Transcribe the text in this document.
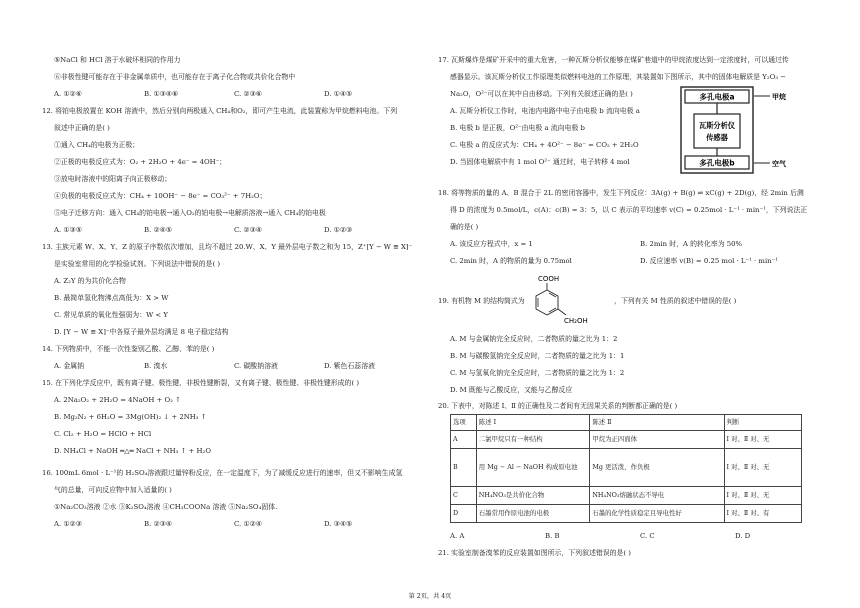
⑤NaCl 和 HCl 溶于水破坏相同的作用力
⑥非极性键可能存在于非金属单质中，也可能存在于离子化合物或共价化合物中
A. ①②⑥	B. ①③④⑥	C. ②③⑥	D. ①④⑤
12. 将铂电极放置在 KOH 溶液中，然后分别向两极通入 CH₄和O₂，即可产生电流，此装置称为甲烷燃料电池。下列
叙述中正确的是( )
①通入 CH₄的电极为正极；
②正极的电极反应式为：O₂ + 2H₂O + 4e⁻ = 4OH⁻；
③放电时溶液中的阳离子向正极移动；
④负极的电极反应式为：CH₄ + 10OH⁻ − 8e⁻ = CO₃²⁻ + 7H₂O；
⑤电子迁移方向：通入 CH₄的铂电极→通入O₂的铂电极→电解质溶液→通入 CH₄的铂电极
A. ①③⑤	B. ②④⑤	C. ②③④	D. ①②③
13. 主族元素 W、X、Y、Z 的原子序数依次增加，且均不超过 20.W、X、Y 最外层电子数之和为 15，Z⁺[Y − W ≡ X]⁻
是实验室常用的化学检验试剂。下列说法中错误的是( )
A. Z₂Y 的为共价化合物
B. 最简单氢化物沸点高低为：X > W
C. 常见单质的氧化性强弱为：W < Y
D. [Y − W ≡ X]⁻中各原子最外层均满足 8 电子稳定结构
14. 下列物质中，不能一次性鉴别乙酸、乙醇、苯的是( )
A. 金属钠	B. 溴水	C. 碳酸钠溶液	D. 紫色石蕊溶液
15. 在下列化学反应中，既有离子键、极性键、非极性键断裂，又有离子键、极性键、非极性键形成的( )
A. 2Na₂O₂ + 2H₂O = 4NaOH + O₂ ↑
B. Mg₃N₂ + 6H₂O = 3Mg(OH)₂ ↓ + 2NH₃ ↑
C. Cl₂ + H₂O = HClO + HCl
D. NH₄Cl + NaOH ═△═ NaCl + NH₃ ↑ + H₂O
16. 100mL 6mol · L⁻¹的 H₂SO₄溶液跟过量锌粉反应，在一定温度下，为了减缓反应进行的速率，但又不影响生成氢
气的总量，可向反应物中加入适量的( )
①Na₂CO₃溶液 ②水 ③K₂SO₄溶液 ④CH₃COONa 溶液 ⑤Na₂SO₄固体.
A. ①②③	B. ②③④	C. ①②④	D. ③④⑤
17. 瓦斯爆炸是煤矿开采中的重大危害，一种瓦斯分析仪能够在煤矿巷道中的甲烷浓度达到一定浓度时，可以通过传
感器显示。该瓦斯分析仪工作原理类似燃料电池的工作原理，其装置如下图所示，其中的固体电解质是 Y₂O₃ −
Na₂O，O²⁻可以在其中自由移动。下列有关叙述正确的是( )
A. 瓦斯分析仪工作时，电池内电路中电子由电极 b 流向电极 a
B. 电极 b 是正极，O²⁻由电极 a 流向电极 b
C. 电极 a 的反应式为：CH₄ + 4O²⁻ − 8e⁻ = CO₂ + 2H₂O
D. 当固体电解质中有 1 mol O²⁻ 通过时，电子转移 4 mol
多孔电极a
瓦斯分析仪
传感器
多孔电极b
甲烷
空气
18. 将等物质的量的 A、B 混合于 2L 的密闭容器中，发生下列反应：3A(g) + B(g) ⇌ xC(g) + 2D(g)，经 2min 后测
得 D 的浓度为 0.5mol/L，c(A)：c(B) = 3：5，以 C 表示的平均速率 v(C) = 0.25mol · L⁻¹ · min⁻¹，下列说法正
确的是( )
A. 该反应方程式中，x = 1	B. 2min 时，A 的转化率为 50%
C. 2min 时，A 的物质的量为 0.75mol	D. 反应速率 v(B) = 0.25 mol · L⁻¹ · min⁻¹
19. 有机物 M 的结构简式为
COOH
CH₂OH
，下列有关 M 性质的叙述中错误的是( )
A. M 与金属钠完全反应时，二者物质的量之比为 1：2
B. M 与碳酸氢钠完全反应时，二者物质的量之比为 1：1
C. M 与氢氧化钠完全反应时，二者物质的量之比为 1：2
D. M 既能与乙酸反应，又能与乙醇反应
20. 下表中，对陈述 Ⅰ、Ⅱ 的正确性及二者间有无因果关系的判断都正确的是( )
选项	陈述 Ⅰ	陈述 Ⅱ	判断
A	二氯甲烷只有一种结构	甲烷为正四面体	Ⅰ 对、Ⅱ 对、无
B	用 Mg − Al − NaOH 构成原电池	Mg 更活泼，作负极	Ⅰ 对、Ⅱ 对、无
C	NH₄NO₃是共价化合物	NH₄NO₃熔融状态不导电	Ⅰ 对、Ⅱ 对、无
D	石墨常用作原电池的电极	石墨的化学性质稳定且导电性好	Ⅰ 对、Ⅱ 对、有
A. A	B. B	C. C	D. D
21. 实验室制备溴苯的反应装置如图所示，下列叙述错误的是( )
第 2页，共 4页
